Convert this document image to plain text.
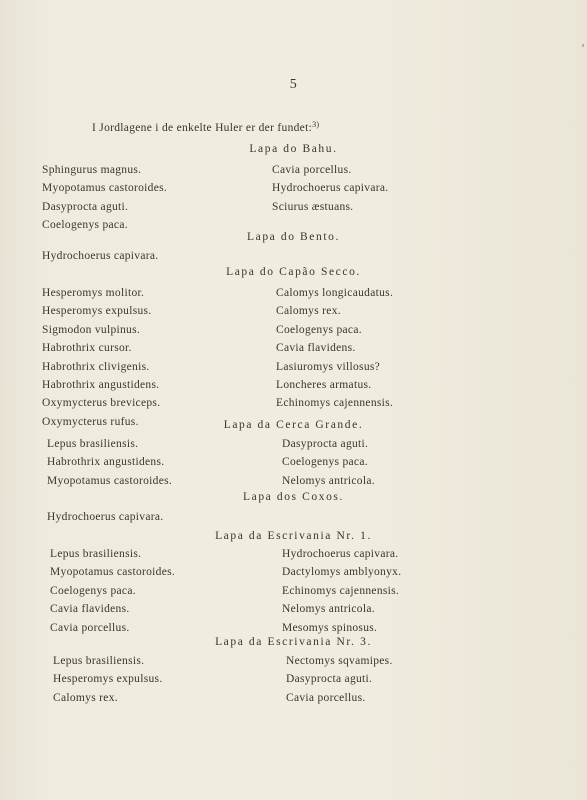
5
I Jordlagene i de enkelte Huler er der fundet:$^{3)}$
Lapa do Bahu.
Sphingurus magnus.
Myopotamus castoroides.
Dasyprocta aguti.
Coelogenys paca.
Cavia porcellus.
Hydrochoerus capivara.
Sciurus æstuans.
Lapa do Bento.
Hydrochoerus capivara.
Lapa do Capão Secco.
Hesperomys molitor.
Hesperomys expulsus.
Sigmodon vulpinus.
Habrothrix cursor.
Habrothrix clivigenis.
Habrothrix angustidens.
Oxymycterus breviceps.
Oxymycterus rufus.
Calomys longicaudatus.
Calomys rex.
Coelogenys paca.
Cavia flavidens.
Lasiuromys villosus?
Loncheres armatus.
Echinomys cajennensis.
Lapa da Cerca Grande.
Lepus brasiliensis.
Habrothrix angustidens.
Myopotamus castoroides.
Dasyprocta aguti.
Coelogenys paca.
Nelomys antricola.
Lapa dos Coxos.
Hydrochoerus capivara.
Lapa da Escrivania Nr. 1.
Lepus brasiliensis.
Myopotamus castoroides.
Coelogenys paca.
Cavia flavidens.
Cavia porcellus.
Hydrochoerus capivara.
Dactylomys amblyonyx.
Echinomys cajennensis.
Nelomys antricola.
Mesomys spinosus.
Lapa da Escrivania Nr. 3.
Lepus brasiliensis.
Hesperomys expulsus.
Calomys rex.
Nectomys sqvamipes.
Dasyprocta aguti.
Cavia porcellus.
